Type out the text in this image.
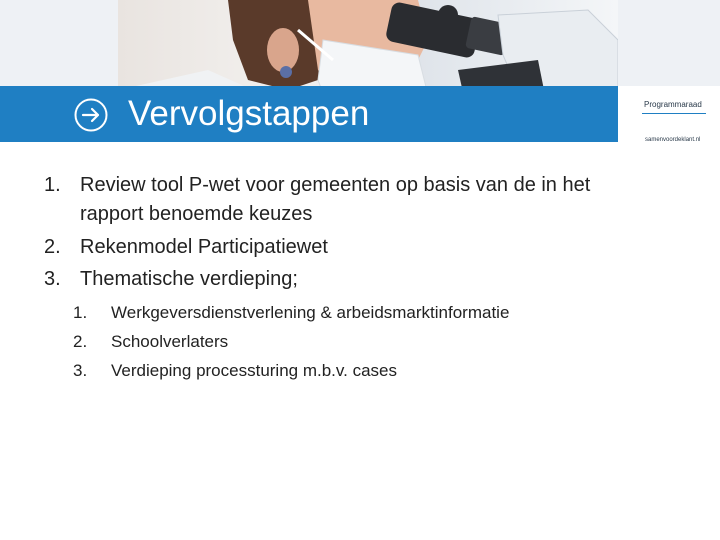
Vervolgstappen	Programmaraad
samenvoordeklant.nl
1. Review tool P-wet voor gemeenten op basis van de in het
rapport benoemde keuzes
2. Rekenmodel Participatiewet
3. Thematische verdieping;
1.	Werkgeversdienstverlening & arbeidsmarktinformatie
2.	Schoolverlaters
3.	Verdieping processturing m.b.v. cases
